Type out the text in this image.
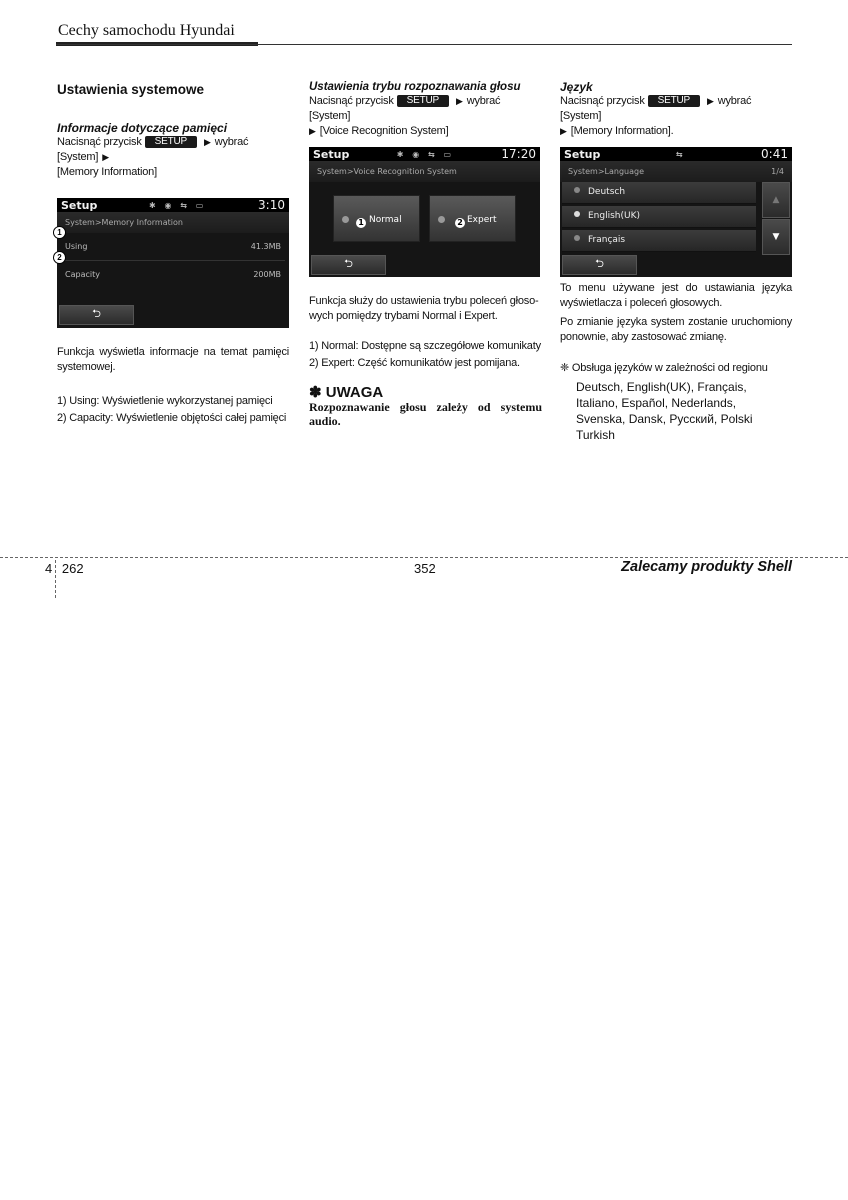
Cechy samochodu Hyundai
Ustawienia systemowe
Informacje dotyczące pamięci
Nacisnąć przycisk SETUP ▶ wybrać [System] ▶
[Memory Information]
Setup	✱ ◉ ⇆ ▭	3:10
System>Memory Information
Using	41.3MB
Capacity	200MB
⮌
Funkcja wyświetla informacje na temat pamięci systemowej.
1) Using: Wyświetlenie wykorzystanej pamięci
2) Capacity: Wyświetlenie objętości całej pamięci
1
2
Ustawienia trybu rozpoznawania głosu
Nacisnąć przycisk SETUP ▶ wybrać [System]
▶ [Voice Recognition System]
Setup	✱ ◉ ⇆ ▭	17:20
System>Voice Recognition System
1 Normal	2 Expert
⮌
Funkcja służy do ustawienia trybu poleceń głoso-wych pomiędzy trybami Normal i Expert.
1) Normal: Dostępne są szczegółowe komunikaty
2) Expert: Część komunikatów jest pomijana.
✽ UWAGA
Rozpoznawanie głosu zależy od systemu audio.
Język
Nacisnąć przycisk SETUP ▶ wybrać [System]
▶ [Memory Information].
Setup	⇆	0:41
System>Language	1/4
Deutsch
English(UK)
Français
▲
▼
⮌
To menu używane jest do ustawiania języka wyświetlacza i poleceń głosowych.
Po zmianie języka system zostanie uruchomiony ponownie, aby zastosować zmianę.
❈ Obsługa języków w zależności od regionu
Deutsch, English(UK), Français,
Italiano, Español, Nederlands,
Svenska, Dansk, Русский, Polski
Turkish
4 262	352	Zalecamy produkty Shell
